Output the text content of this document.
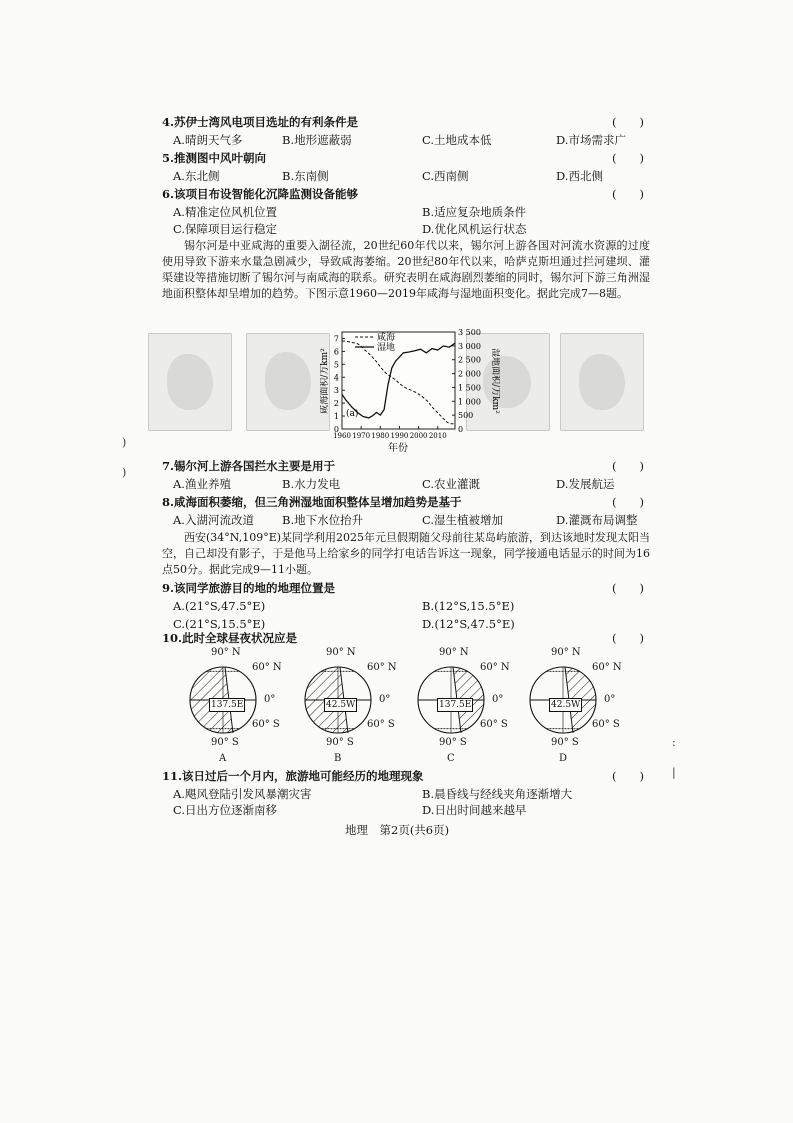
4.苏伊士湾风电项目选址的有利条件是	(　　)
A.晴朗天气多	B.地形遮蔽弱	C.土地成本低	D.市场需求广
5.推测图中风叶朝向	(　　)
A.东北侧	B.东南侧	C.西南侧	D.西北侧
6.该项目布设智能化沉降监测设备能够	(　　)
A.精准定位风机位置	B.适应复杂地质条件
C.保障项目运行稳定	D.优化风机运行状态
锡尔河是中亚咸海的重要入湖径流，20世纪60年代以来，锡尔河上游各国对河流水资源的过度使用导致下游来水量急剧减少，导致咸海萎缩。20世纪80年代以来，哈萨克斯坦通过拦河建坝、灌渠建设等措施切断了锡尔河与南咸海的联系。研究表明在咸海剧烈萎缩的同时，锡尔河下游三角洲湿地面积整体却呈增加的趋势。下图示意1960—2019年咸海与湿地面积变化。据此完成7—8题。
1960 1970 1980 1990 2000 2010
0
1
2
3
4
5
6
7
0
500
1 000
1 500
2 000
2 500
3 000
3 500
(a)
咸海
湿地
咸海面积/万km²	湿地面积/万km²
年份
7.锡尔河上游各国拦水主要是用于	(　　)
A.渔业养殖	B.水力发电	C.农业灌溉	D.发展航运
8.咸海面积萎缩，但三角洲湿地面积整体呈增加趋势是基于	(　　)
A.入湖河流改道 B.地下水位抬升	C.湿生植被增加	D.灌溉布局调整
西安(34°N,109°E)某同学利用2025年元旦假期随父母前往某岛屿旅游，到达该地时发现太阳当空，自己却没有影子，于是他马上给家乡的同学打电话告诉这一现象，同学接通电话显示的时间为16点50分。据此完成9—11小题。
9.该同学旅游目的地的地理位置是	(　　)
A.(21°S,47.5°E)	B.(12°S,15.5°E)
C.(21°S,15.5°E)	D.(12°S,47.5°E)
10.此时全球昼夜状况应是	(　　)
90° N
60° N
0°
60° S
90° S
137.5E
A
90° N
60° N
0°
60° S
90° S
42.5W
B
90° N
60° N
0°
60° S
90° S
137.5E
C
90° N
60° N
0°
60° S
90° S
42.5W
D
11.该日过后一个月内，旅游地可能经历的地理现象	(　　)
A.飓风登陆引发风暴潮灾害	B.晨昏线与经线夹角逐渐增大
C.日出方位逐渐南移	D.日出时间越来越早
地理　第2页(共6页)
)
)
:
|
